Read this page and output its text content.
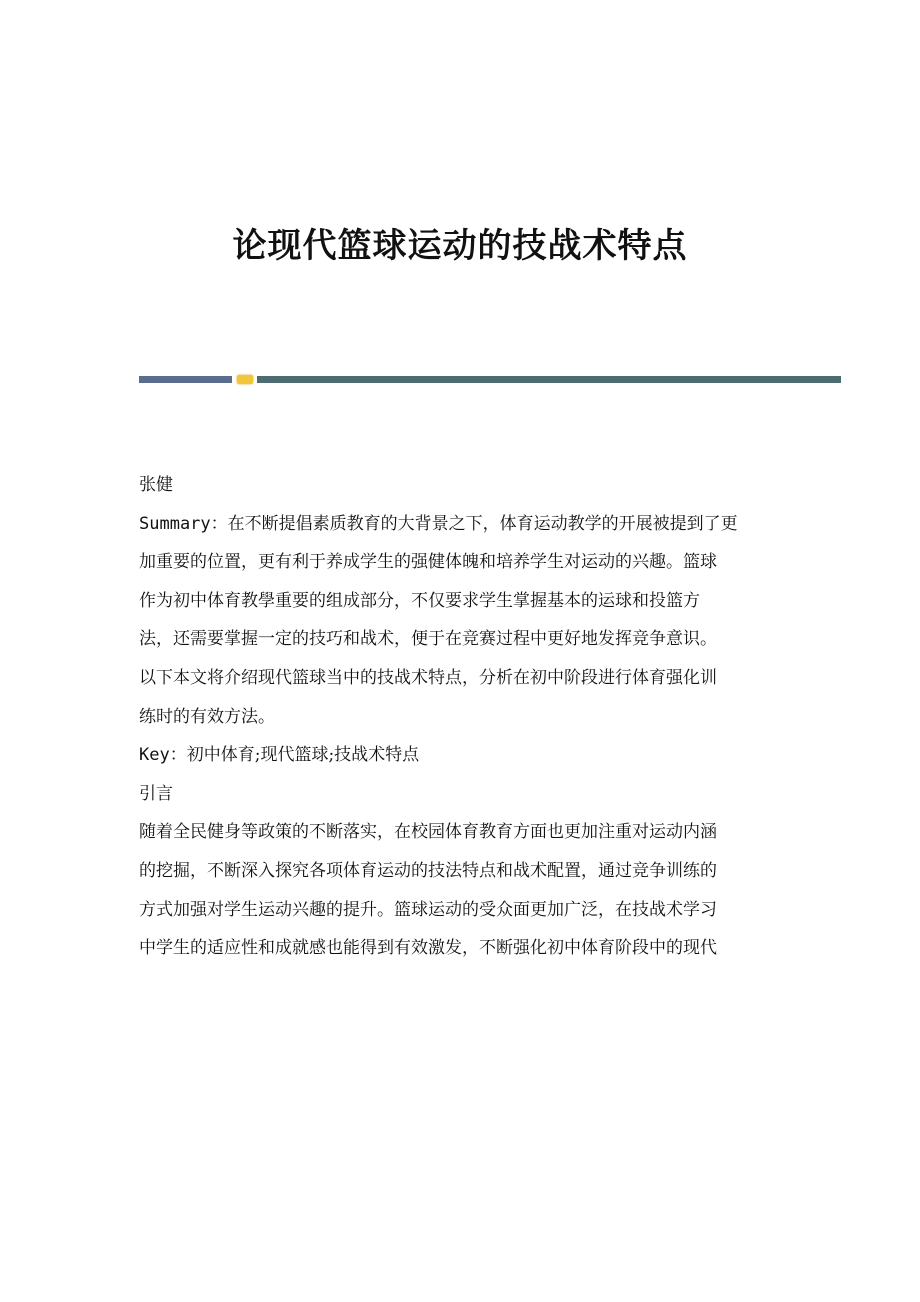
论现代篮球运动的技战术特点

张健

Summary：在不断提倡素质教育的大背景之下，体育运动教学的开展被提到了更

加重要的位置，更有利于养成学生的强健体魄和培养学生对运动的兴趣。篮球

作为初中体育教學重要的组成部分，不仅要求学生掌握基本的运球和投篮方

法，还需要掌握一定的技巧和战术，便于在竞赛过程中更好地发挥竞争意识。

以下本文将介绍现代篮球当中的技战术特点，分析在初中阶段进行体育强化训

练时的有效方法。

Key：初中体育;现代篮球;技战术特点

引言

随着全民健身等政策的不断落实，在校园体育教育方面也更加注重对运动内涵

的挖掘，不断深入探究各项体育运动的技法特点和战术配置，通过竞争训练的

方式加强对学生运动兴趣的提升。篮球运动的受众面更加广泛，在技战术学习

中学生的适应性和成就感也能得到有效激发，不断强化初中体育阶段中的现代
